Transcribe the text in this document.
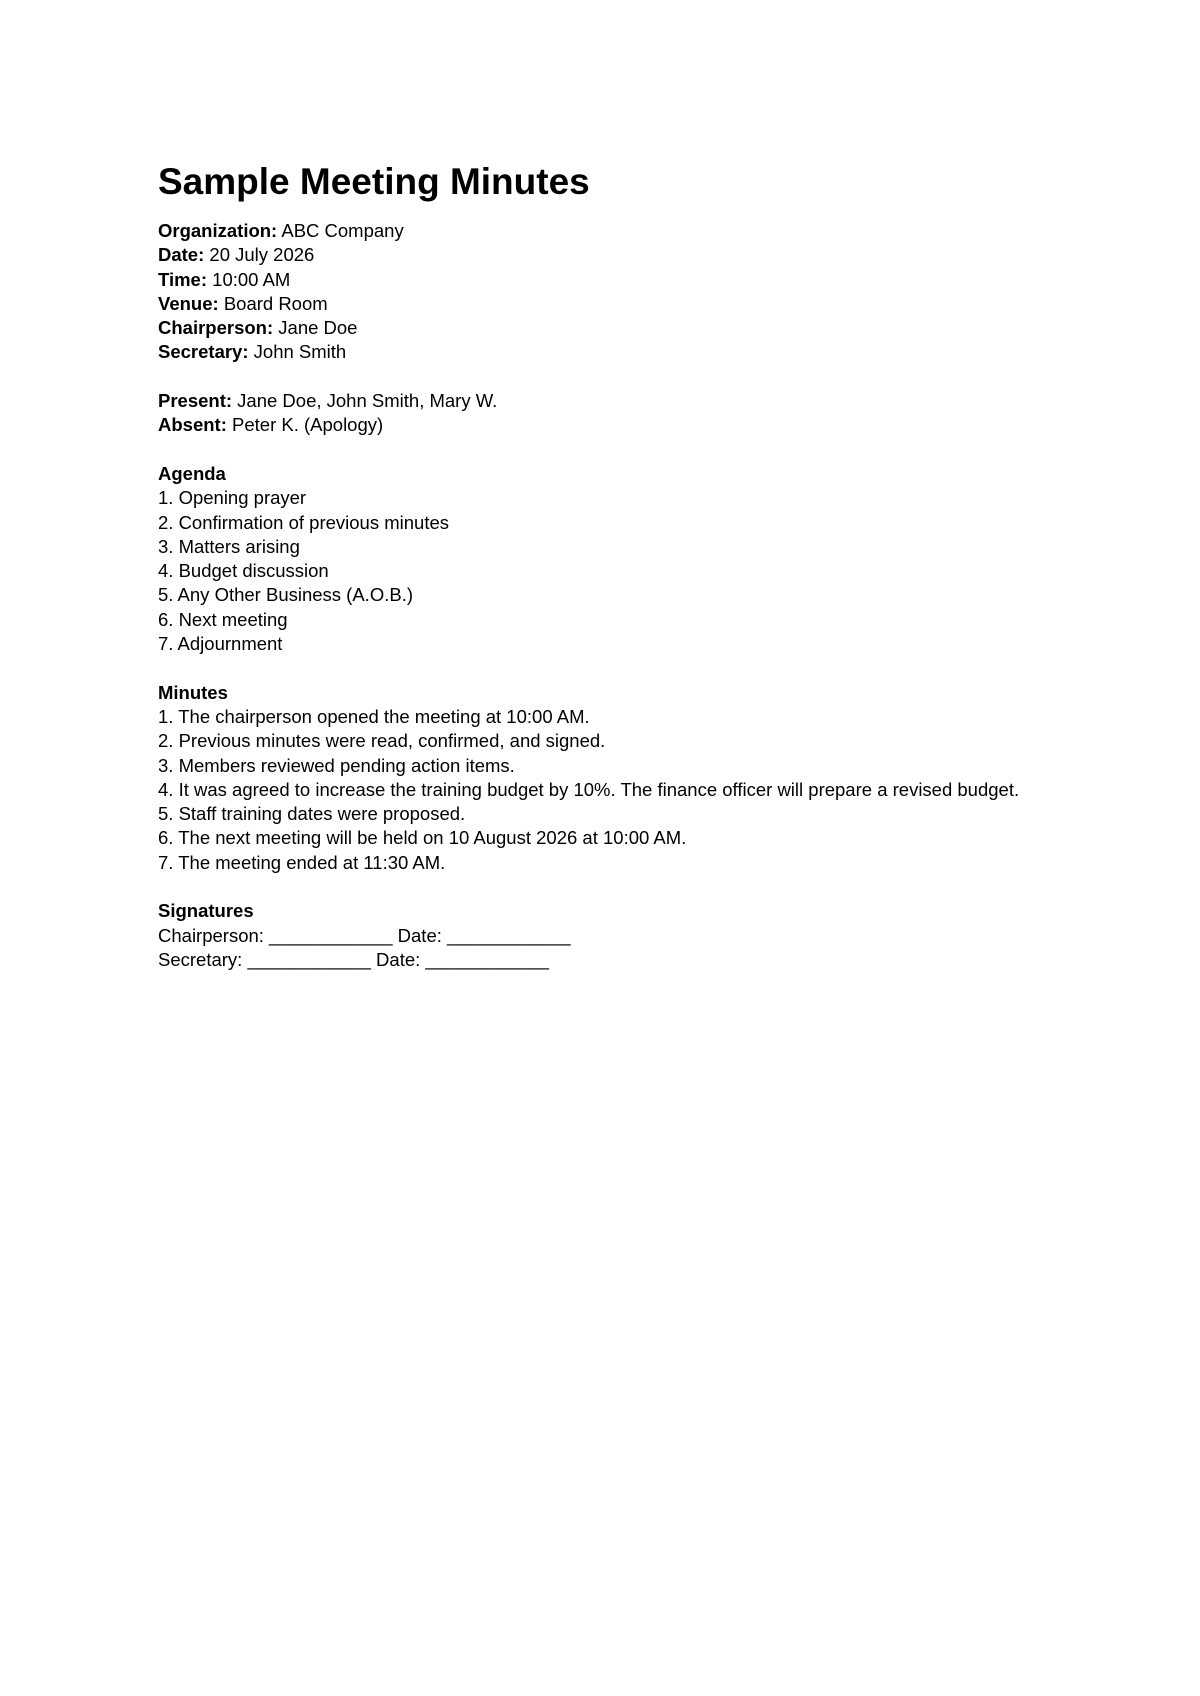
Sample Meeting Minutes
Organization: ABC Company
Date: 20 July 2026
Time: 10:00 AM
Venue: Board Room
Chairperson: Jane Doe
Secretary: John Smith
Present: Jane Doe, John Smith, Mary W.
Absent: Peter K. (Apology)
Agenda
1. Opening prayer
2. Confirmation of previous minutes
3. Matters arising
4. Budget discussion
5. Any Other Business (A.O.B.)
6. Next meeting
7. Adjournment
Minutes
1. The chairperson opened the meeting at 10:00 AM.
2. Previous minutes were read, confirmed, and signed.
3. Members reviewed pending action items.
4. It was agreed to increase the training budget by 10%. The finance officer will prepare a revised budget.
5. Staff training dates were proposed.
6. The next meeting will be held on 10 August 2026 at 10:00 AM.
7. The meeting ended at 11:30 AM.
Signatures
Chairperson: ____________ Date: ____________
Secretary: ____________ Date: ____________
